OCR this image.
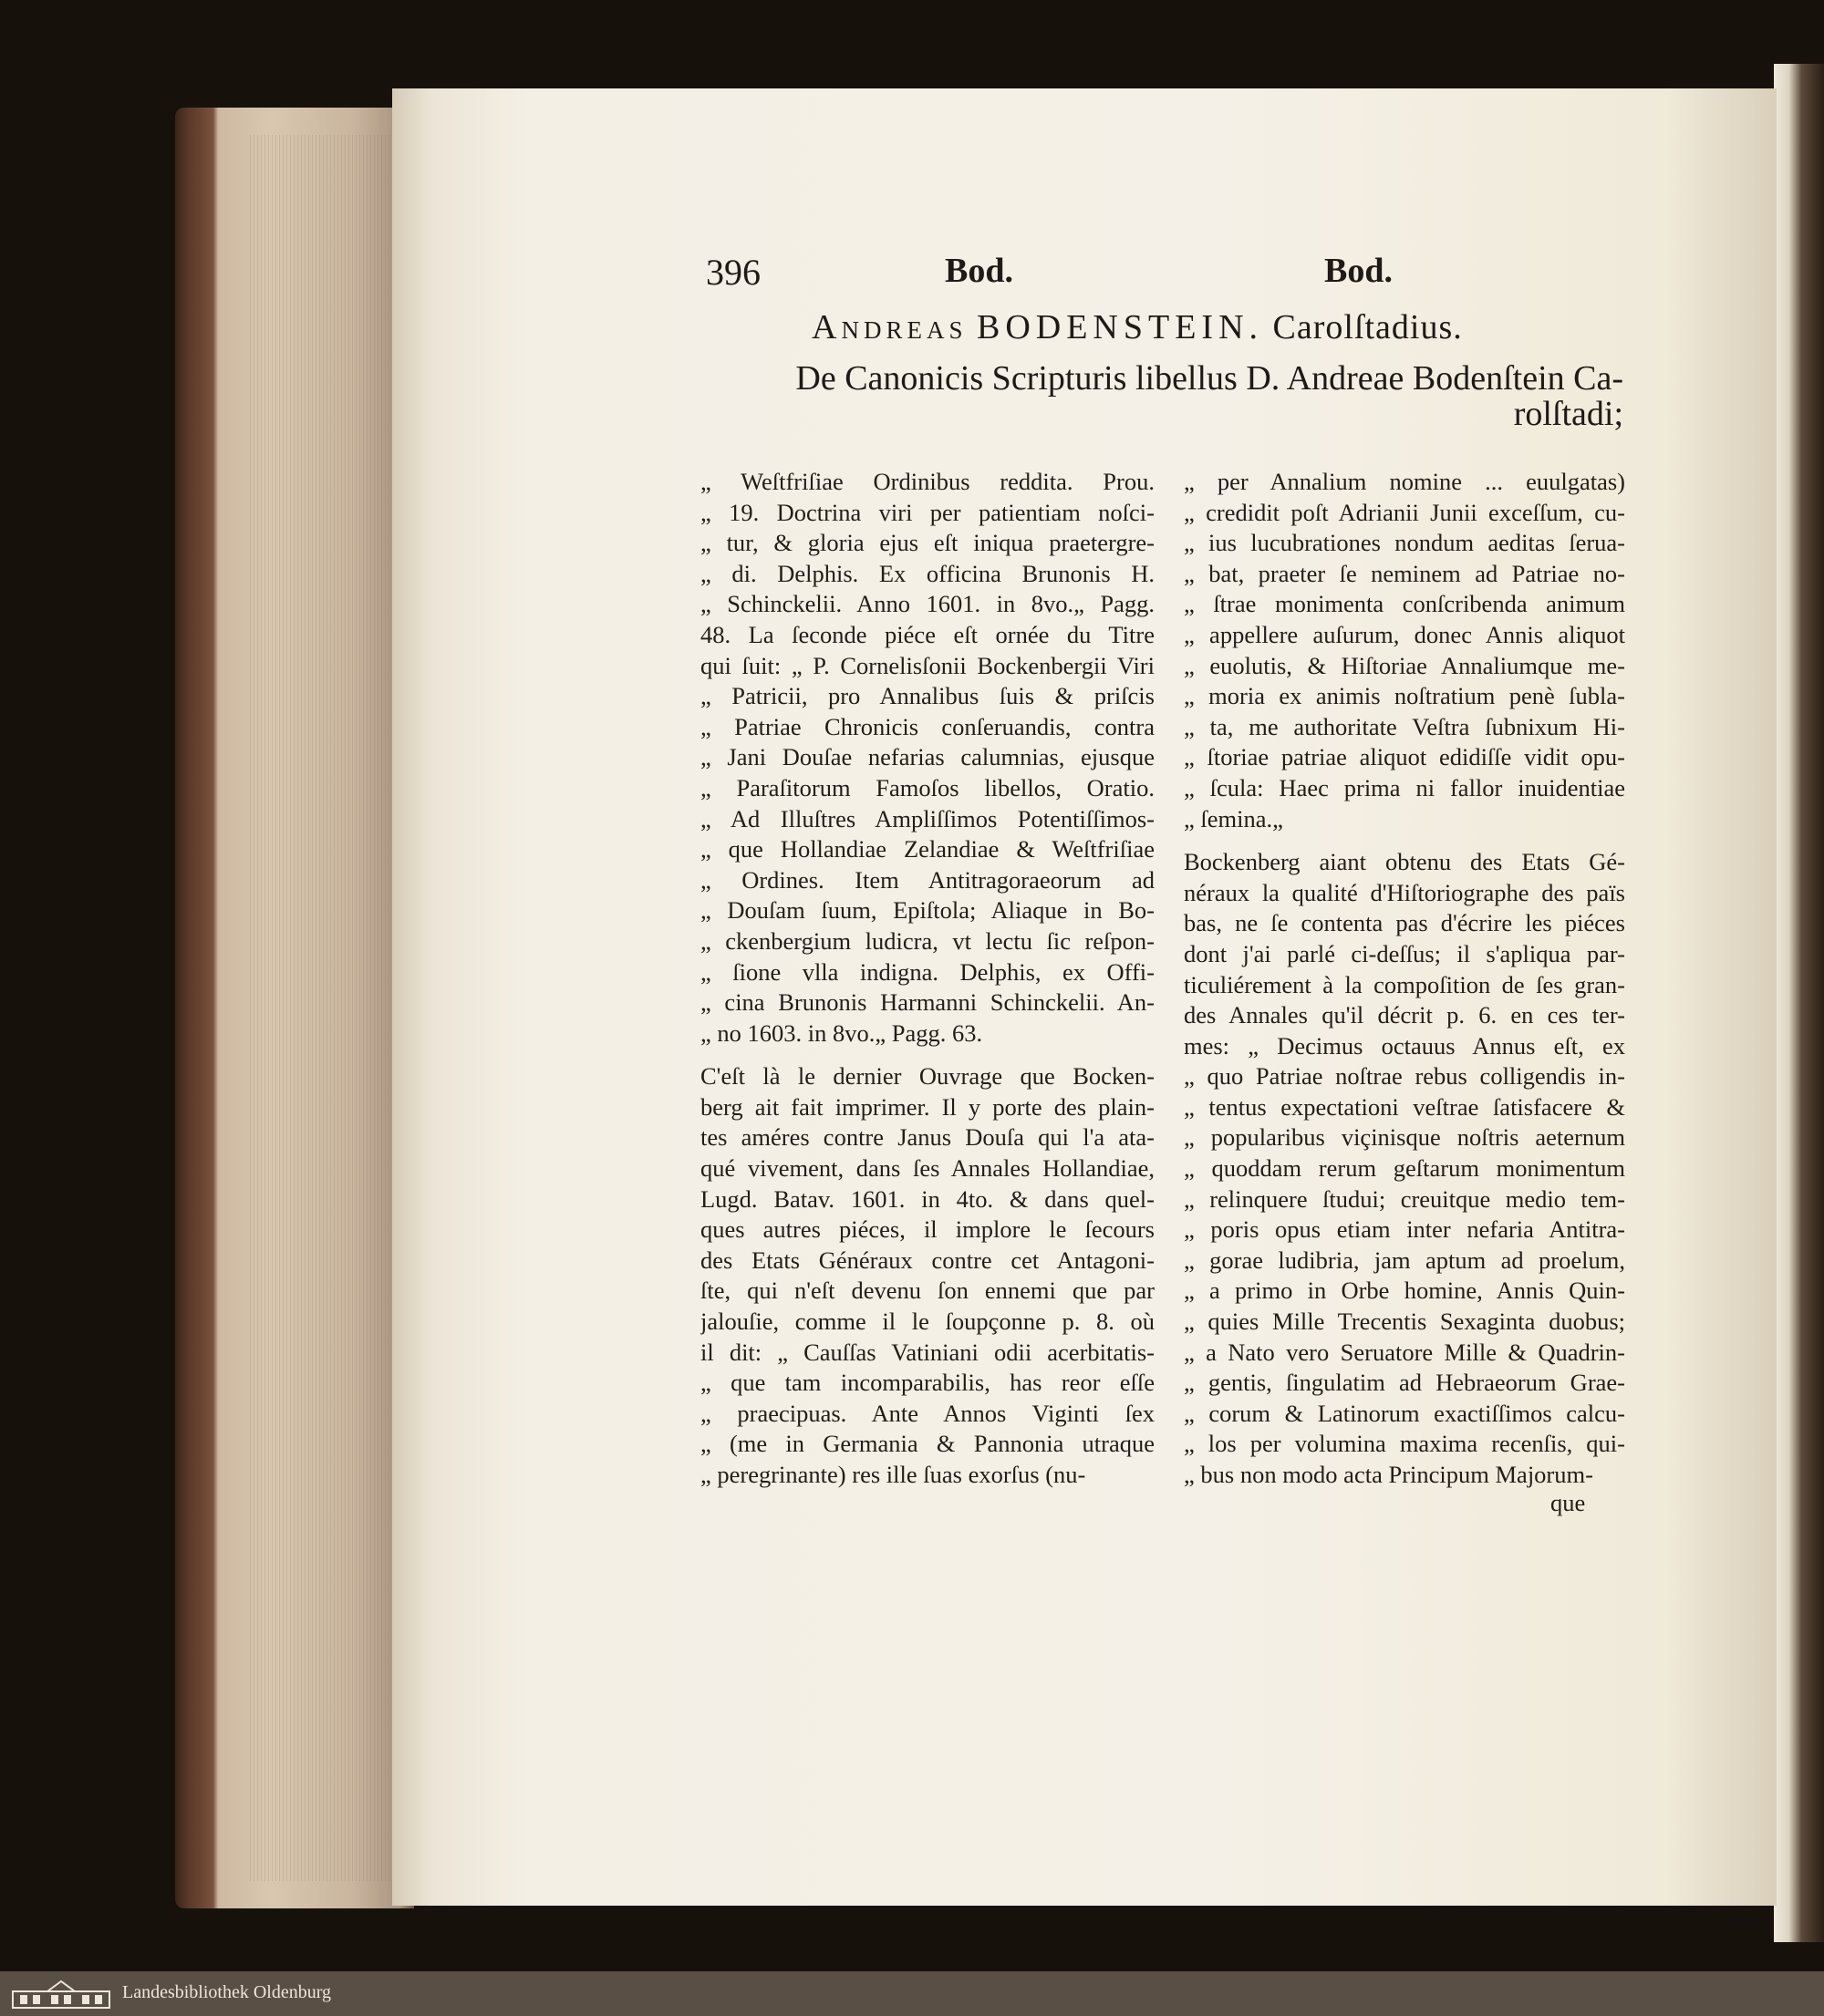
396	Bod.	Bod.
Andreas BODENSTEIN. Carolſtadius.
De Canonicis Scripturis libellus D. Andreae Bodenſtein Ca-
rolſtadi;
„ Weſtfriſiae Ordinibus reddita. Prou.
„ 19. Doctrina viri per patientiam noſci-
„ tur, & gloria ejus eſt iniqua praetergre-
„ di. Delphis. Ex officina Brunonis H.
„ Schinckelii. Anno 1601. in 8vo.„ Pagg.
48. La ſeconde piéce eſt ornée du Titre
qui ſuit: „ P. Cornelisſonii Bockenbergii Viri
„ Patricii, pro Annalibus ſuis & priſcis
„ Patriae Chronicis conſeruandis, contra
„ Jani Douſae nefarias calumnias, ejusque
„ Paraſitorum Famoſos libellos, Oratio.
„ Ad Illuſtres Ampliſſimos Potentiſſimos-
„ que Hollandiae Zelandiae & Weſtfriſiae
„ Ordines. Item Antitragoraeorum ad
„ Douſam ſuum, Epiſtola; Aliaque in Bo-
„ ckenbergium ludicra, vt lectu ſic reſpon-
„ ſione vlla indigna. Delphis, ex Offi-
„ cina Brunonis Harmanni Schinckelii. An-
„ no 1603. in 8vo.„ Pagg. 63.
C'eſt là le dernier Ouvrage que Bocken-
berg ait fait imprimer. Il y porte des plain-
tes améres contre Janus Douſa qui l'a ata-
qué vivement, dans ſes Annales Hollandiae,
Lugd. Batav. 1601. in 4to. & dans quel-
ques autres piéces, il implore le ſecours
des Etats Généraux contre cet Antagoni-
ſte, qui n'eſt devenu ſon ennemi que par
jalouſie, comme il le ſoupçonne p. 8. où
il dit: „ Cauſſas Vatiniani odii acerbitatis-
„ que tam incomparabilis, has reor eſſe
„ praecipuas. Ante Annos Viginti ſex
„ (me in Germania & Pannonia utraque
„ peregrinante) res ille ſuas exorſus (nu-
„ per Annalium nomine ... euulgatas)
„ credidit poſt Adrianii Junii exceſſum, cu-
„ ius lucubrationes nondum aeditas ſerua-
„ bat, praeter ſe neminem ad Patriae no-
„ ſtrae monimenta conſcribenda animum
„ appellere auſurum, donec Annis aliquot
„ euolutis, & Hiſtoriae Annaliumque me-
„ moria ex animis noſtratium penè ſubla-
„ ta, me authoritate Veſtra ſubnixum Hi-
„ ſtoriae patriae aliquot edidiſſe vidit opu-
„ ſcula: Haec prima ni fallor inuidentiae
„ ſemina.„
Bockenberg aiant obtenu des Etats Gé-
néraux la qualité d'Hiſtoriographe des païs
bas, ne ſe contenta pas d'écrire les piéces
dont j'ai parlé ci-deſſus; il s'apliqua par-
ticuliérement à la compoſition de ſes gran-
des Annales qu'il décrit p. 6. en ces ter-
mes: „ Decimus octauus Annus eſt, ex
„ quo Patriae noſtrae rebus colligendis in-
„ tentus expectationi veſtrae ſatisfacere &
„ popularibus viçinisque noſtris aeternum
„ quoddam rerum geſtarum monimentum
„ relinquere ſtudui; creuitque medio tem-
„ poris opus etiam inter nefaria Antitra-
„ gorae ludibria, jam aptum ad proelum,
„ a primo in Orbe homine, Annis Quin-
„ quies Mille Trecentis Sexaginta duobus;
„ a Nato vero Seruatore Mille & Quadrin-
„ gentis, ſingulatim ad Hebraeorum Grae-
„ corum & Latinorum exactiſſimos calcu-
„ los per volumina maxima recenſis, qui-
„ bus non modo acta Principum Majorum-
que
Landesbibliothek Oldenburg
